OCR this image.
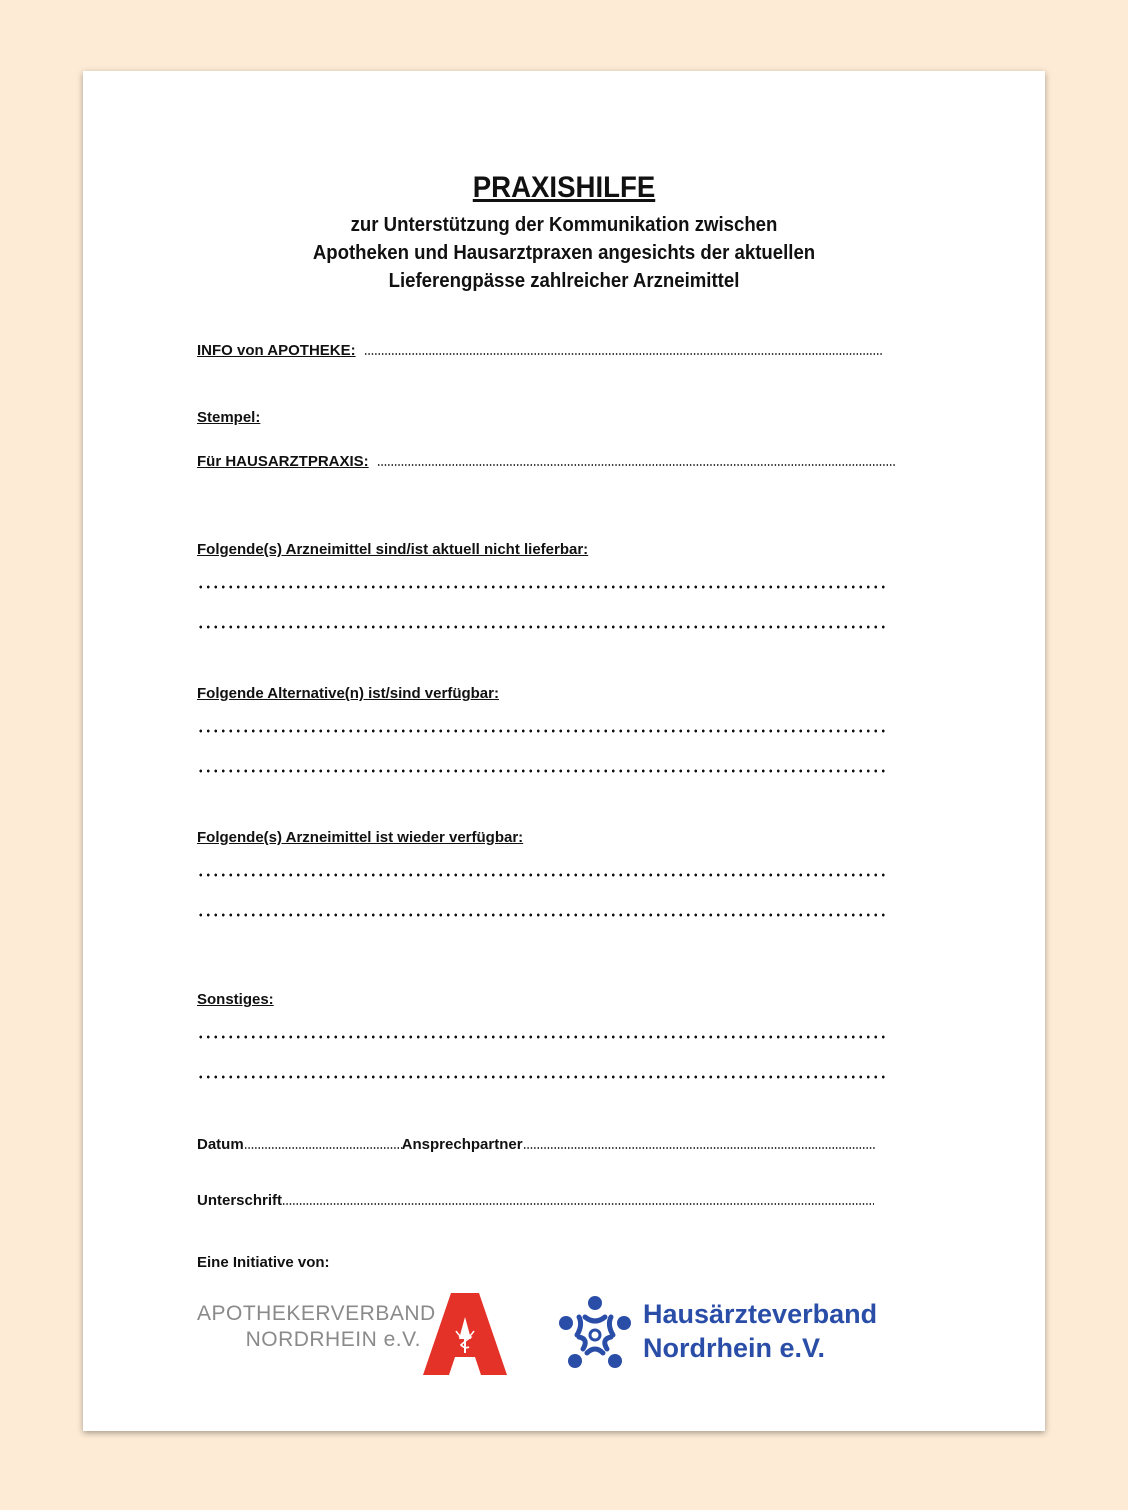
PRAXISHILFE
zur Unterstützung der Kommunikation zwischen
Apotheken und Hausarztpraxen angesichts der aktuellen
Lieferengpässe zahlreicher Arzneimittel
INFO von APOTHEKE:
Stempel:
Für HAUSARZTPRAXIS:
Folgende(s) Arzneimittel sind/ist aktuell nicht lieferbar:
Folgende Alternative(n) ist/sind verfügbar:
Folgende(s) Arzneimittel ist wieder verfügbar:
Sonstiges:
Datum	Ansprechpartner
Unterschrift
Eine Initiative von:
APOTHEKERVERBAND
NORDRHEIN e.V.
Hausärzteverband
Nordrhein e.V.
